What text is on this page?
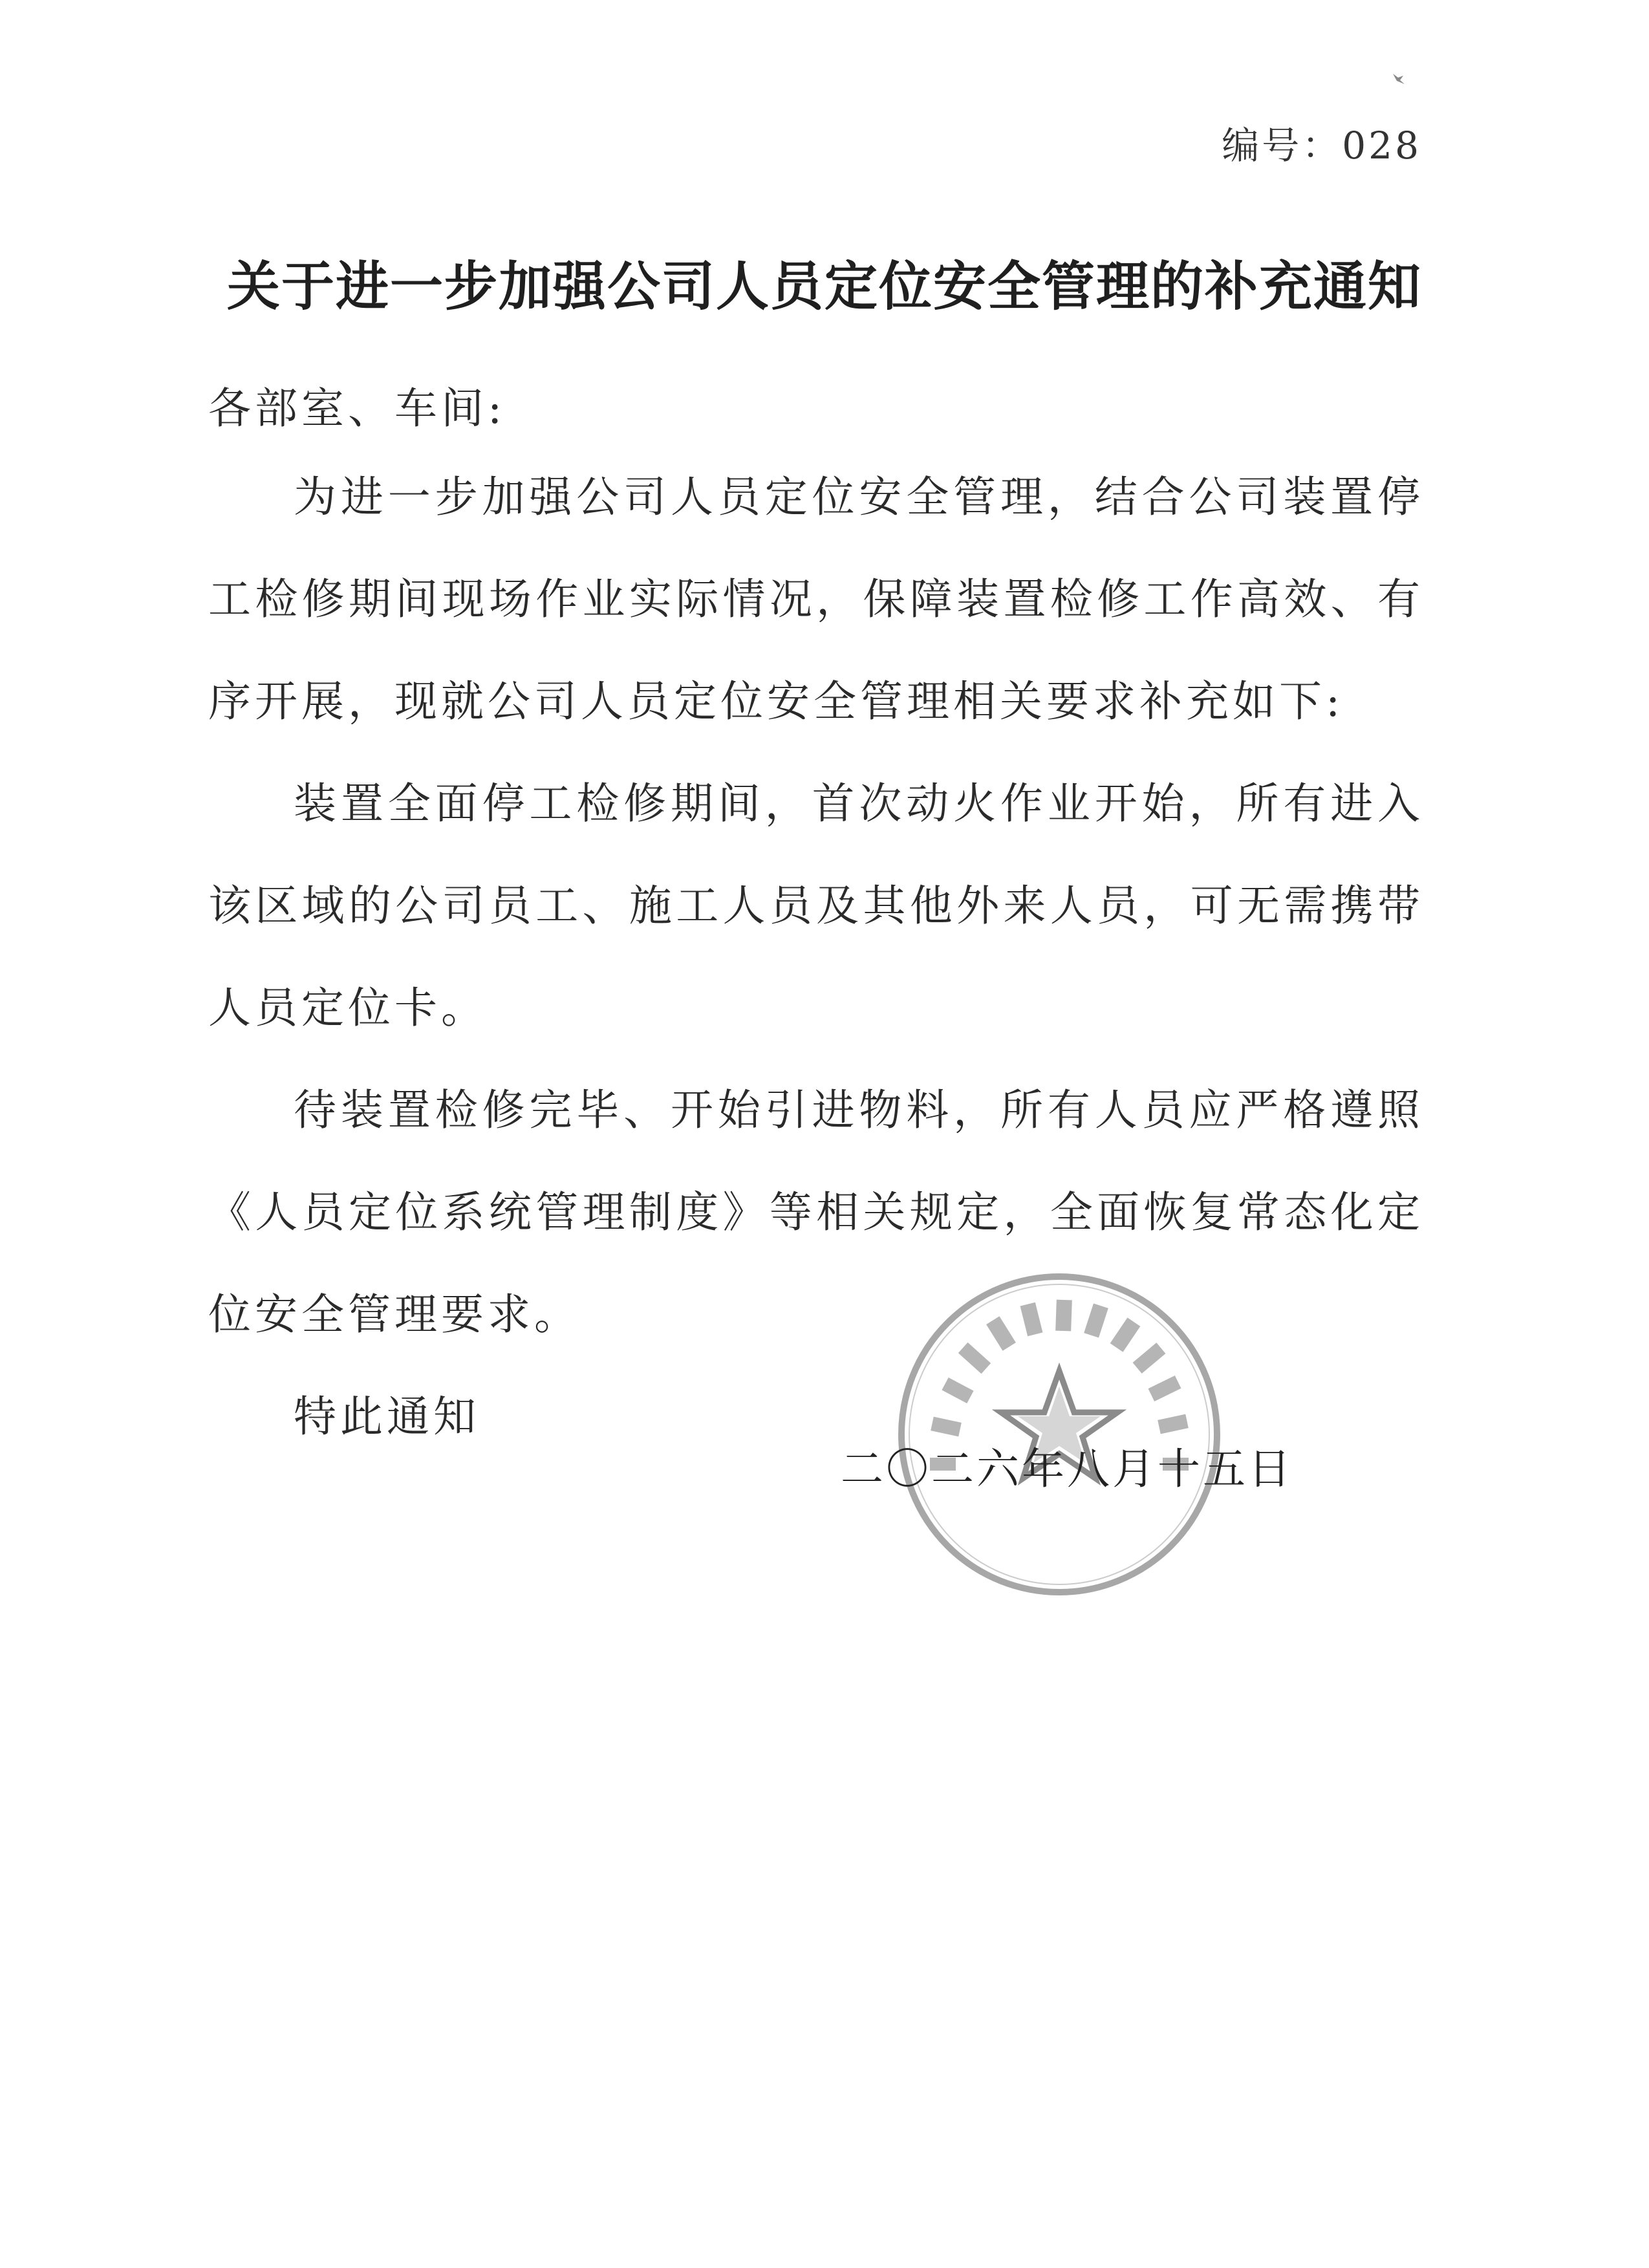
编号：028
关于进一步加强公司人员定位安全管理的补充通知
各部室、车间:

为进一步加强公司人员定位安全管理，结合公司装置停工检修期间现场作业实际情况，保障装置检修工作高效、有序开展，现就公司人员定位安全管理相关要求补充如下:

装置全面停工检修期间，首次动火作业开始，所有进入该区域的公司员工、施工人员及其他外来人员，可无需携带人员定位卡。

待装置检修完毕、开始引进物料，所有人员应严格遵照《人员定位系统管理制度》等相关规定，全面恢复常态化定位安全管理要求。

特此通知

二〇二六年八月十五日
